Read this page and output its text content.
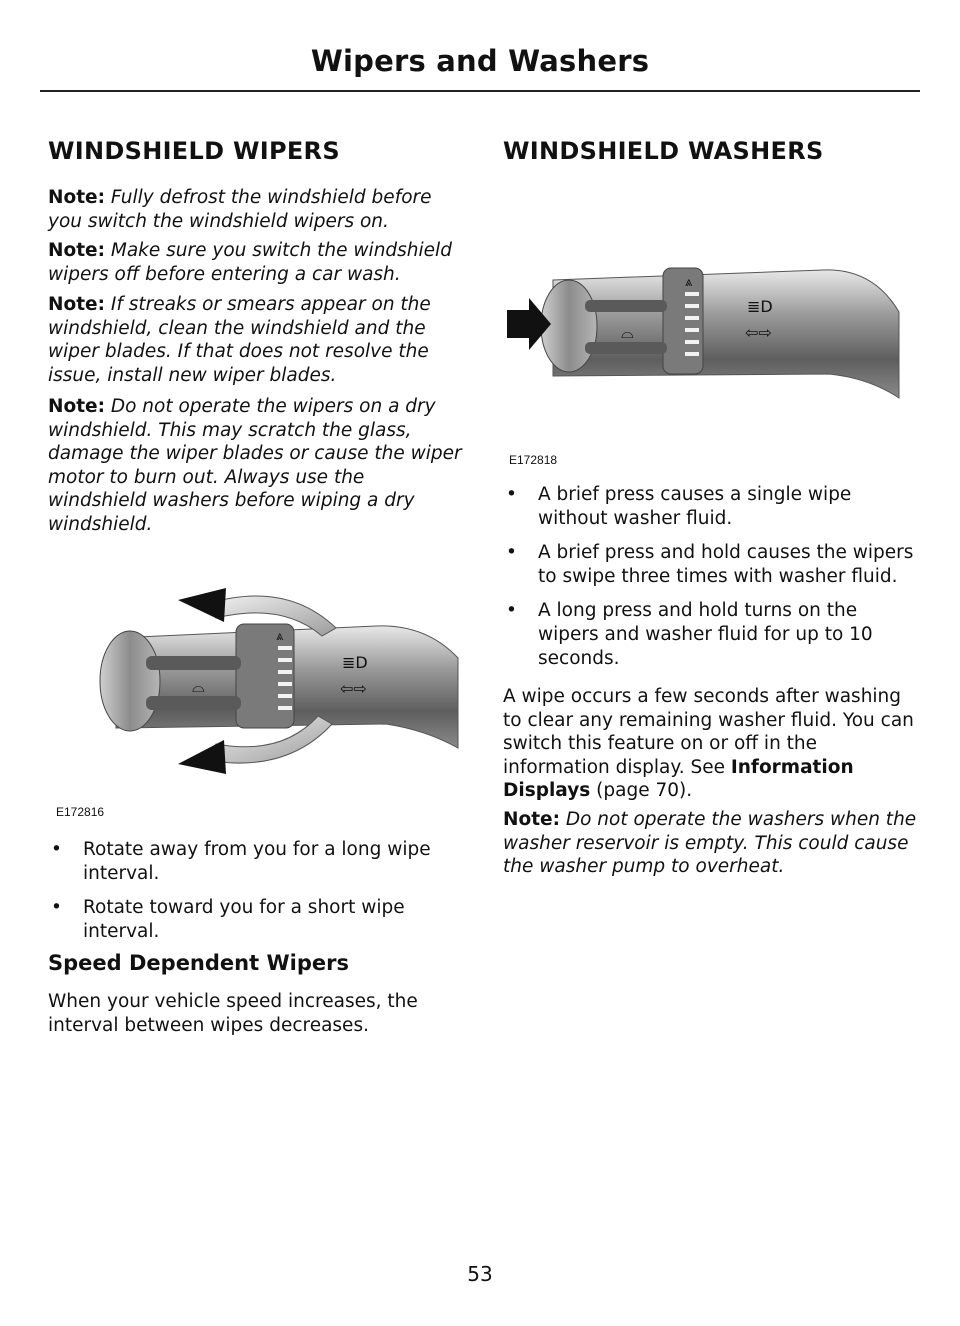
Wipers and Washers
WINDSHIELD WIPERS

Note: Fully defrost the windshield before you switch the windshield wipers on.

Note: Make sure you switch the windshield wipers off before entering a car wash.

Note: If streaks or smears appear on the windshield, clean the windshield and the wiper blades. If that does not resolve the issue, install new wiper blades.

Note: Do not operate the wipers on a dry windshield. This may scratch the glass, damage the wiper blades or cause the wiper motor to burn out. Always use the windshield washers before wiping a dry windshield.

⩓
⌓
≣D
⇦⇨
E172816
• Rotate away from you for a long wipe interval.
• Rotate toward you for a short wipe interval.
Speed Dependent Wipers

When your vehicle speed increases, the interval between wipes decreases.

WINDSHIELD WASHERS
⩓
⌓
≣D
⇦⇨
E172818
• A brief press causes a single wipe without washer fluid.
• A brief press and hold causes the wipers to swipe three times with washer fluid.
• A long press and hold turns on the wipers and washer fluid for up to 10 seconds.

A wipe occurs a few seconds after washing to clear any remaining washer fluid. You can switch this feature on or off in the information display. See Information Displays (page 70).

Note: Do not operate the washers when the washer reservoir is empty. This could cause the washer pump to overheat.

53
